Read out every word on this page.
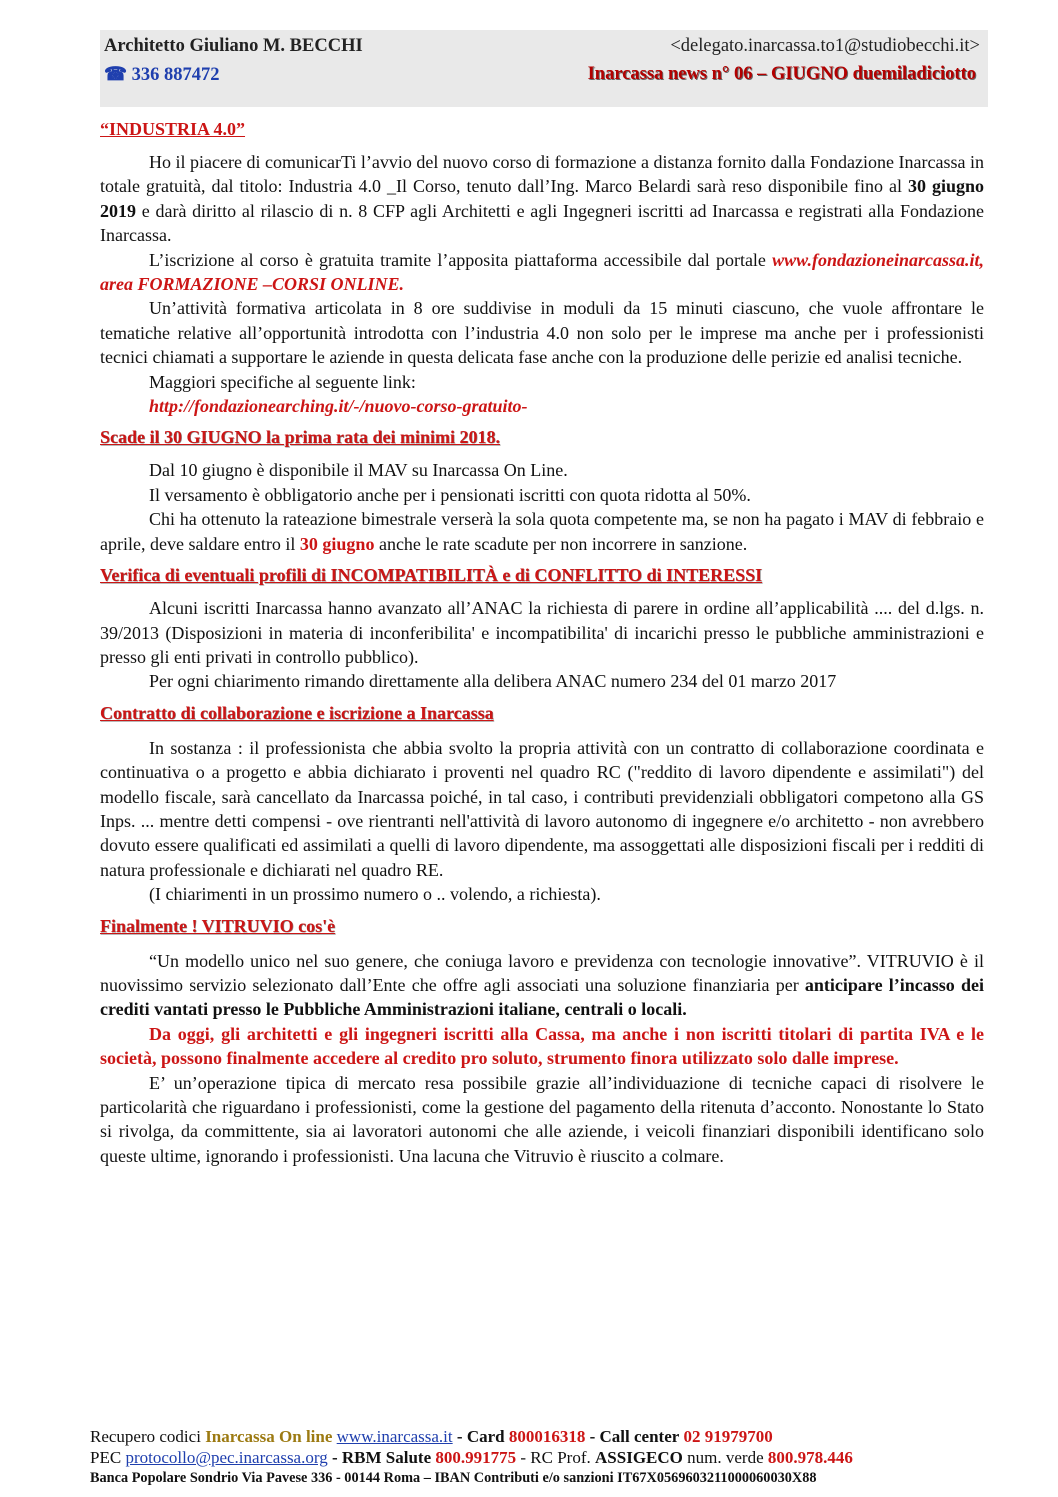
Architetto Giuliano M. BECCHI
☎ 336 887472
<delegato.inarcassa.to1@studiobecchi.it>
Inarcassa news n° 06 – GIUGNO duemiladiciotto
“INDUSTRIA 4.0”

Ho il piacere di comunicarTi l’avvio del nuovo corso di formazione a distanza fornito dalla Fondazione Inarcassa in totale gratuità, dal titolo: Industria 4.0 _Il Corso, tenuto dall’Ing. Marco Belardi sarà reso disponibile fino al 30 giugno 2019 e darà diritto al rilascio di n. 8 CFP agli Architetti e agli Ingegneri iscritti ad Inarcassa e registrati alla Fondazione Inarcassa.

L’iscrizione al corso è gratuita tramite l’apposita piattaforma accessibile dal portale www.fondazioneinarcassa.it, area FORMAZIONE –CORSI ONLINE.

Un’attività formativa articolata in 8 ore suddivise in moduli da 15 minuti ciascuno, che vuole affrontare le tematiche relative all’opportunità introdotta con l’industria 4.0 non solo per le imprese ma anche per i professionisti tecnici chiamati a supportare le aziende in questa delicata fase anche con la produzione delle perizie ed analisi tecniche.

Maggiori specifiche al seguente link:

http://fondazionearching.it/-/nuovo-corso-gratuito-

Scade il 30 GIUGNO la prima rata dei minimi 2018.

Dal 10 giugno è disponibile il MAV su Inarcassa On Line.

Il versamento è obbligatorio anche per i pensionati iscritti con quota ridotta al 50%.

Chi ha ottenuto la rateazione bimestrale verserà la sola quota competente ma, se non ha pagato i MAV di febbraio e aprile, deve saldare entro il 30 giugno anche le rate scadute per non incorrere in sanzione.

Verifica di eventuali profili di INCOMPATIBILITÀ e di CONFLITTO di INTERESSI

Alcuni iscritti Inarcassa hanno avanzato all’ANAC la richiesta di parere in ordine all’applicabilità .... del d.lgs. n. 39/2013 (Disposizioni in materia di inconferibilita' e incompatibilita' di incarichi presso le pubbliche amministrazioni e presso gli enti privati in controllo pubblico).

Per ogni chiarimento rimando direttamente alla delibera ANAC numero 234 del 01 marzo 2017

Contratto di collaborazione e iscrizione a Inarcassa

In sostanza : il professionista che abbia svolto la propria attività con un contratto di collaborazione coordinata e continuativa o a progetto e abbia dichiarato i proventi nel quadro RC ("reddito di lavoro dipendente e assimilati") del modello fiscale, sarà cancellato da Inarcassa poiché, in tal caso, i contributi previdenziali obbligatori competono alla GS Inps. ... mentre detti compensi - ove rientranti nell'attività di lavoro autonomo di ingegnere e/o architetto - non avrebbero dovuto essere qualificati ed assimilati a quelli di lavoro dipendente, ma assoggettati alle disposizioni fiscali per i redditi di natura professionale e dichiarati nel quadro RE.

(I chiarimenti in un prossimo numero o .. volendo, a richiesta).

Finalmente ! VITRUVIO cos'è

“Un modello unico nel suo genere, che coniuga lavoro e previdenza con tecnologie innovative”. VITRUVIO è il nuovissimo servizio selezionato dall’Ente che offre agli associati una soluzione finanziaria per anticipare l’incasso dei crediti vantati presso le Pubbliche Amministrazioni italiane, centrali o locali.

Da oggi, gli architetti e gli ingegneri iscritti alla Cassa, ma anche i non iscritti titolari di partita IVA e le società, possono finalmente accedere al credito pro soluto, strumento finora utilizzato solo dalle imprese.

E’ un’operazione tipica di mercato resa possibile grazie all’individuazione di tecniche capaci di risolvere le particolarità che riguardano i professionisti, come la gestione del pagamento della ritenuta d’acconto. Nonostante lo Stato si rivolga, da committente, sia ai lavoratori autonomi che alle aziende, i veicoli finanziari disponibili identificano solo queste ultime, ignorando i professionisti. Una lacuna che Vitruvio è riuscito a colmare.

Recupero codici Inarcassa On line www.inarcassa.it - Card 800016318 - Call center 02 91979700
PEC protocollo@pec.inarcassa.org - RBM Salute 800.991775 - RC Prof. ASSIGECO num. verde 800.978.446
Banca Popolare Sondrio Via Pavese 336 - 00144 Roma – IBAN Contributi e/o sanzioni IT67X0569603211000060030X88
